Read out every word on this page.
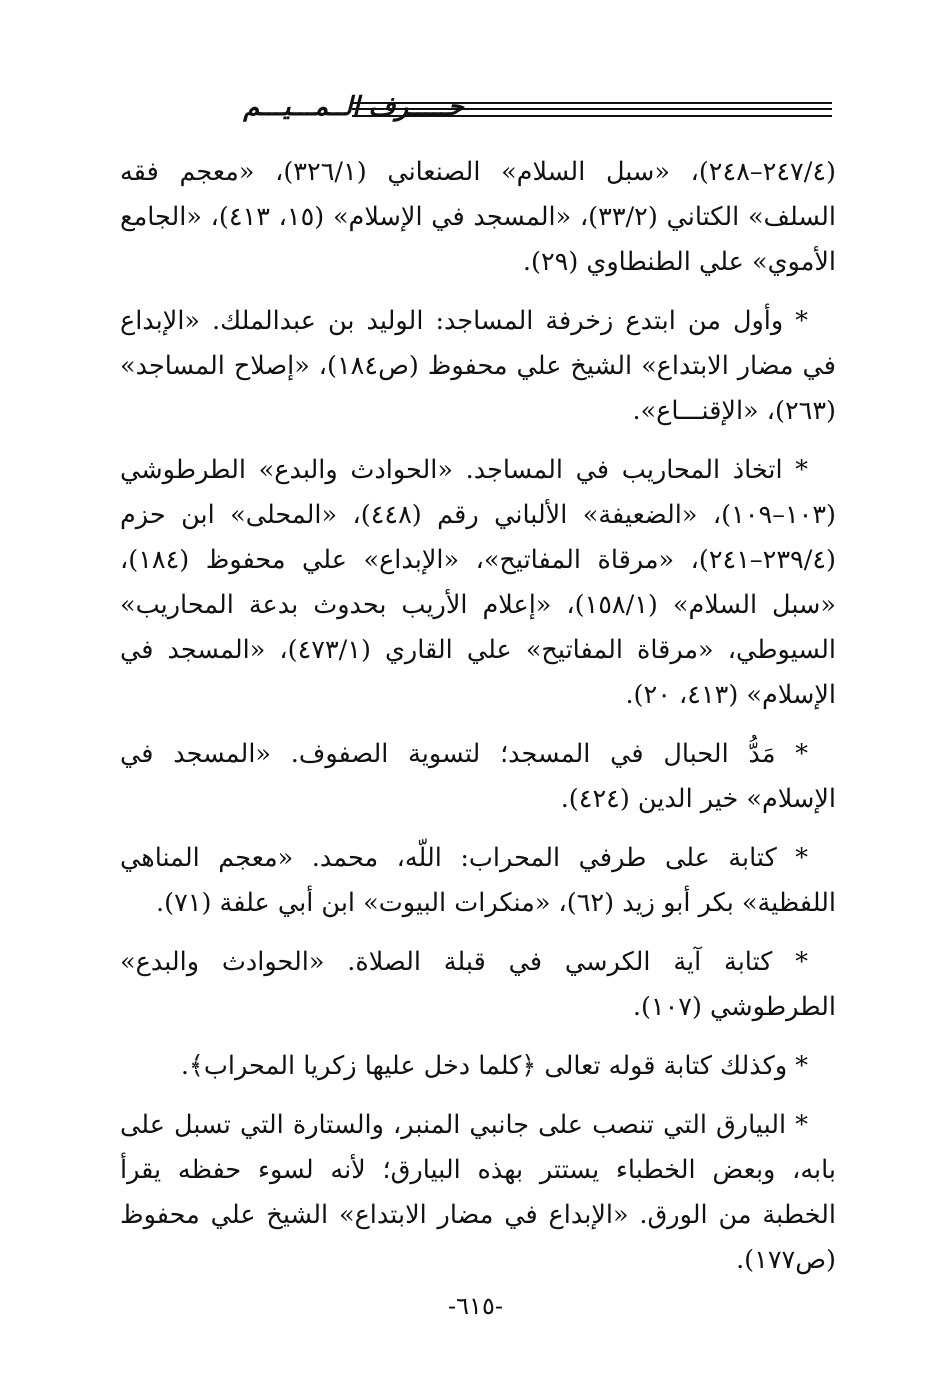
حـــــرف الــمـــيـــم

(٢٤٧/٤–٢٤٨)، «سبل السلام» الصنعاني (٣٢٦/١)، «معجم فقه السلف» الكتاني (٣٣/٢)، «المسجد في الإسلام» (١٥، ٤١٣)، «الجامع الأموي» علي الطنطاوي (٢٩).

* وأول من ابتدع زخرفة المساجد: الوليد بن عبدالملك. «الإبداع في مضار الابتداع» الشيخ علي محفوظ (ص١٨٤)، «إصلاح المساجد» (٢٦٣)، «الإقنـــاع».

* اتخاذ المحاريب في المساجد. «الحوادث والبدع» الطرطوشي (١٠٣–١٠٩)، «الضعيفة» الألباني رقم (٤٤٨)، «المحلى» ابن حزم (٢٣٩/٤–٢٤١)، «مرقاة المفاتيح»، «الإبداع» علي محفوظ (١٨٤)، «سبل السلام» (١٥٨/١)، «إعلام الأريب بحدوث بدعة المحاريب» السيوطي، «مرقاة المفاتيح» علي القاري (٤٧٣/١)، «المسجد في الإسلام» (٤١٣، ٢٠).

* مَدُّ الحبال في المسجد؛ لتسوية الصفوف. «المسجد في الإسلام» خير الدين (٤٢٤).

* كتابة على طرفي المحراب: اللّه، محمد. «معجم المناهي اللفظية» بكر أبو زيد (٦٢)، «منكرات البيوت» ابن أبي علفة (٧١).

* كتابة آية الكرسي في قبلة الصلاة. «الحوادث والبدع» الطرطوشي (١٠٧).

* وكذلك كتابة قوله تعالى ﴿كلما دخل عليها زكريا المحراب﴾.

* البيارق التي تنصب على جانبي المنبر، والستارة التي تسبل على بابه، وبعض الخطباء يستتر بهذه البيارق؛ لأنه لسوء حفظه يقرأ الخطبة من الورق. «الإبداع في مضار الابتداع» الشيخ علي محفوظ (ص١٧٧).

-٦١٥-
